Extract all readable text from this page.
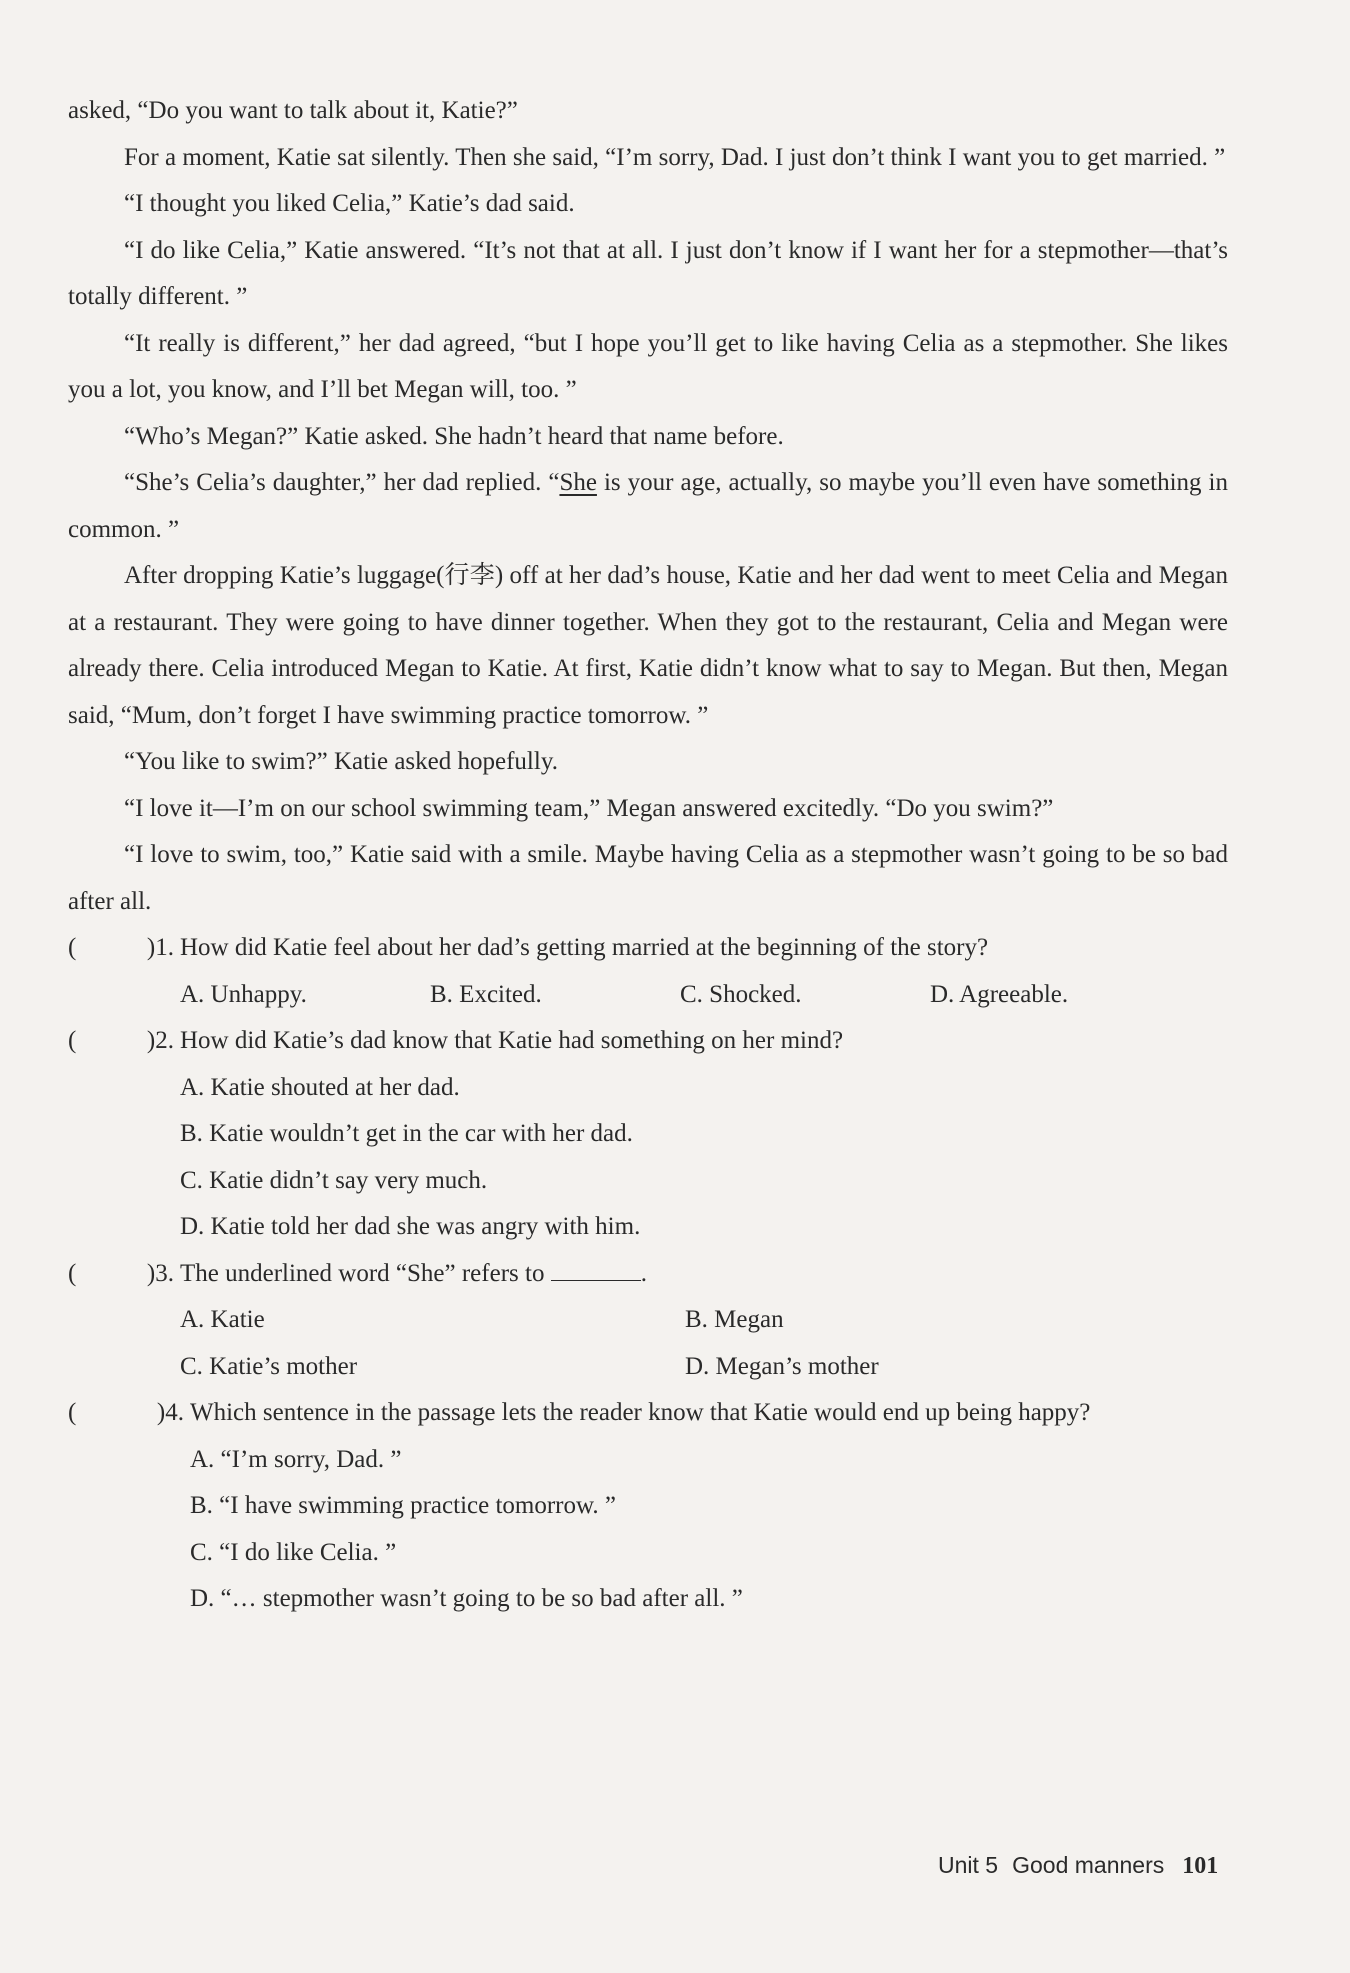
asked, “Do you want to talk about it, Katie?”

For a moment, Katie sat silently. Then she said, “I’m sorry, Dad. I just don’t think I want you to get married. ”

“I thought you liked Celia,” Katie’s dad said.

“I do like Celia,” Katie answered. “It’s not that at all. I just don’t know if I want her for a stepmother—that’s totally different. ”

“It really is different,” her dad agreed, “but I hope you’ll get to like having Celia as a stepmother. She likes you a lot, you know, and I’ll bet Megan will, too. ”

“Who’s Megan?” Katie asked. She hadn’t heard that name before.

“She’s Celia’s daughter,” her dad replied. “She is your age, actually, so maybe you’ll even have something in common. ”

After dropping Katie’s luggage(行李) off at her dad’s house, Katie and her dad went to meet Celia and Megan at a restaurant. They were going to have dinner together. When they got to the restaurant, Celia and Megan were already there. Celia introduced Megan to Katie. At first, Katie didn’t know what to say to Megan. But then, Megan said, “Mum, don’t forget I have swimming practice tomorrow. ”

“You like to swim?” Katie asked hopefully.

“I love it—I’m on our school swimming team,” Megan answered excitedly. “Do you swim?”

“I love to swim, too,” Katie said with a smile. Maybe having Celia as a stepmother wasn’t going to be so bad after all.

(	)1. How did Katie feel about her dad’s getting married at the beginning of the story?

A. Unhappy.	B. Excited.	C. Shocked.	D. Agreeable.

(	)2. How did Katie’s dad know that Katie had something on her mind?

A. Katie shouted at her dad.
B. Katie wouldn’t get in the car with her dad.
C. Katie didn’t say very much.
D. Katie told her dad she was angry with him.

(	)3. The underlined word “She” refers to	.

A. Katie	B. Megan
C. Katie’s mother	D. Megan’s mother

(	)4. Which sentence in the passage lets the reader know that Katie would end up being happy?

A. “I’m sorry, Dad. ”
B. “I have swimming practice tomorrow. ”
C. “I do like Celia. ”
D. “… stepmother wasn’t going to be so bad after all. ”
Unit 5 Good manners 101
